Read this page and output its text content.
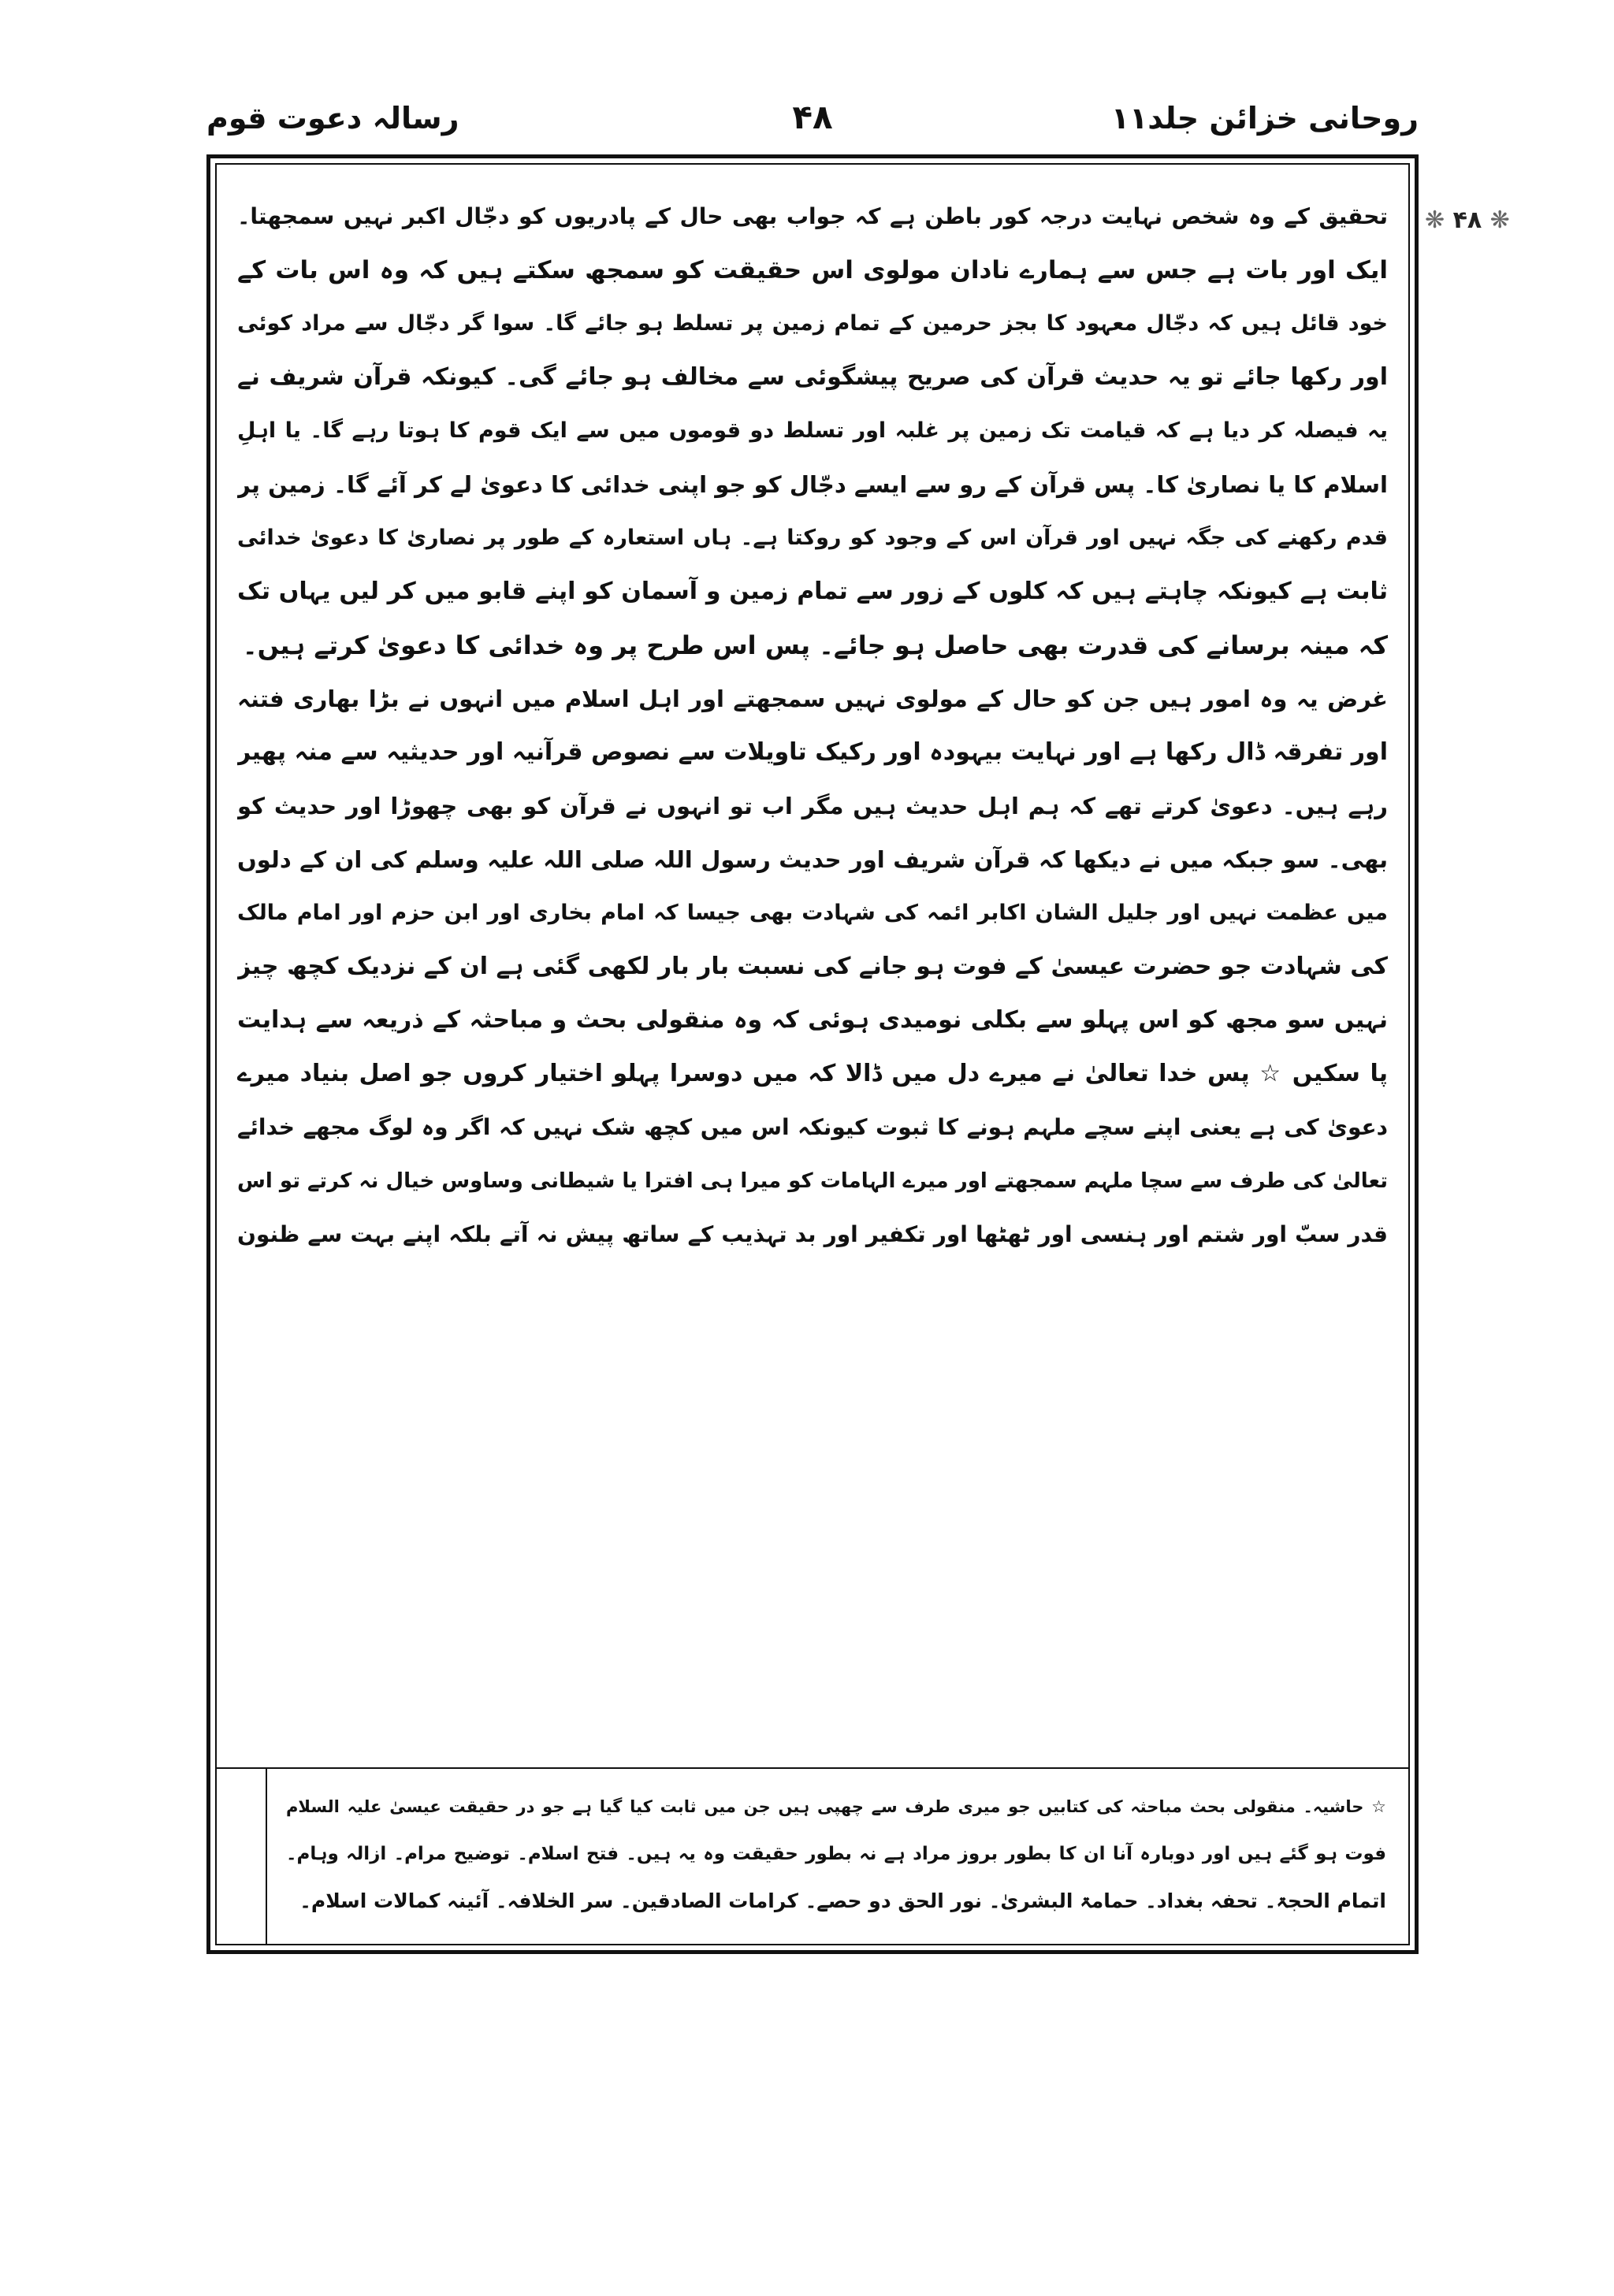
روحانی خزائن جلد۱۱
۴۸
رسالہ دعوت قوم
❋ ۴۸ ❋
تحقیق کے وہ شخص نہایت درجہ کور باطن ہے کہ جواب بھی حال کے پادریوں کو دجّال اکبر نہیں سمجھتا۔
ایک اور بات ہے جس سے ہمارے نادان مولوی اس حقیقت کو سمجھ سکتے ہیں کہ وہ اس بات کے
خود قائل ہیں کہ دجّال معہود کا بجز حرمین کے تمام زمین پر تسلط ہو جائے گا۔ سوا گر دجّال سے مراد کوئی
اور رکھا جائے تو یہ حدیث قرآن کی صریح پیشگوئی سے مخالف ہو جائے گی۔ کیونکہ قرآن شریف نے
یہ فیصلہ کر دیا ہے کہ قیامت تک زمین پر غلبہ اور تسلط دو قوموں میں سے ایک قوم کا ہوتا رہے گا۔ یا اہلِ
اسلام کا یا نصاریٰ کا۔ پس قرآن کے رو سے ایسے دجّال کو جو اپنی خدائی کا دعویٰ لے کر آئے گا۔ زمین پر
قدم رکھنے کی جگہ نہیں اور قرآن اس کے وجود کو روکتا ہے۔ ہاں استعارہ کے طور پر نصاریٰ کا دعویٰ خدائی
ثابت ہے کیونکہ چاہتے ہیں کہ کلوں کے زور سے تمام زمین و آسمان کو اپنے قابو میں کر لیں یہاں تک
کہ مینہ برسانے کی قدرت بھی حاصل ہو جائے۔ پس اس طرح پر وہ خدائی کا دعویٰ کرتے ہیں۔
غرض یہ وہ امور ہیں جن کو حال کے مولوی نہیں سمجھتے اور اہل اسلام میں انہوں نے بڑا بھاری فتنہ
اور تفرقہ ڈال رکھا ہے اور نہایت بیہودہ اور رکیک تاویلات سے نصوص قرآنیہ اور حدیثیہ سے منہ پھیر
رہے ہیں۔ دعویٰ کرتے تھے کہ ہم اہل حدیث ہیں مگر اب تو انہوں نے قرآن کو بھی چھوڑا اور حدیث کو
بھی۔ سو جبکہ میں نے دیکھا کہ قرآن شریف اور حدیث رسول اللہ صلی اللہ علیہ وسلم کی ان کے دلوں
میں عظمت نہیں اور جلیل الشان اکابر ائمہ کی شہادت بھی جیسا کہ امام بخاری اور ابن حزم اور امام مالک
کی شہادت جو حضرت عیسیٰ کے فوت ہو جانے کی نسبت بار بار لکھی گئی ہے ان کے نزدیک کچھ چیز
نہیں سو مجھ کو اس پہلو سے بکلی نومیدی ہوئی کہ وہ منقولی بحث و مباحثہ کے ذریعہ سے ہدایت
پا سکیں ☆ پس خدا تعالیٰ نے میرے دل میں ڈالا کہ میں دوسرا پہلو اختیار کروں جو اصل بنیاد میرے
دعویٰ کی ہے یعنی اپنے سچے ملہم ہونے کا ثبوت کیونکہ اس میں کچھ شک نہیں کہ اگر وہ لوگ مجھے خدائے
تعالیٰ کی طرف سے سچا ملہم سمجھتے اور میرے الہامات کو میرا ہی افترا یا شیطانی وساوس خیال نہ کرتے تو اس
قدر سبّ اور شتم اور ہنسی اور ٹھٹھا اور تکفیر اور بد تہذیب کے ساتھ پیش نہ آتے بلکہ اپنے بہت سے ظنون
☆ حاشیہ۔ منقولی بحث مباحثہ کی کتابیں جو میری طرف سے چھپی ہیں جن میں ثابت کیا گیا ہے جو در حقیقت عیسیٰ علیہ السلام
فوت ہو گئے ہیں اور دوبارہ آنا ان کا بطور بروز مراد ہے نہ بطور حقیقت وہ یہ ہیں۔ فتح اسلام۔ توضیح مرام۔ ازالہ وہام۔
اتمام الحجۃ۔ تحفہ بغداد۔ حمامۃ البشریٰ۔ نور الحق دو حصے۔ کرامات الصادقین۔ سر الخلافہ۔ آئینہ کمالات اسلام۔
